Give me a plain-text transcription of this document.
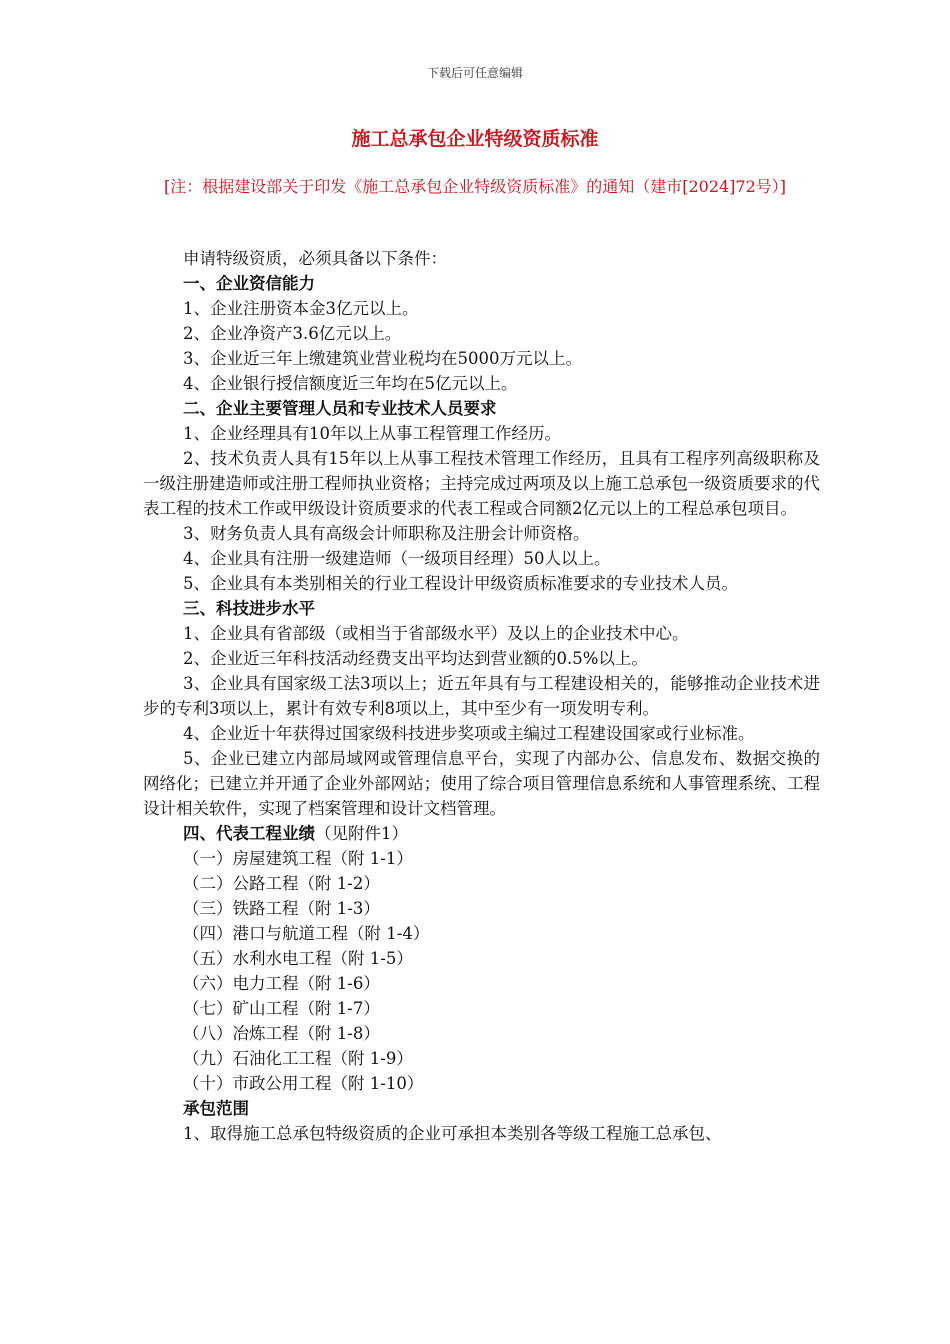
下载后可任意编辑
施工总承包企业特级资质标准
[注：根据建设部关于印发《施工总承包企业特级资质标准》的通知（建市[2024]72号）]

申请特级资质，必须具备以下条件：

一、企业资信能力

1、企业注册资本金3亿元以上。

2、企业净资产3.6亿元以上。

3、企业近三年上缴建筑业营业税均在5000万元以上。

4、企业银行授信额度近三年均在5亿元以上。

二、企业主要管理人员和专业技术人员要求

1、企业经理具有10年以上从事工程管理工作经历。

2、技术负责人具有15年以上从事工程技术管理工作经历，且具有工程序列高级职称及一级注册建造师或注册工程师执业资格；主持完成过两项及以上施工总承包一级资质要求的代表工程的技术工作或甲级设计资质要求的代表工程或合同额2亿元以上的工程总承包项目。

3、财务负责人具有高级会计师职称及注册会计师资格。

4、企业具有注册一级建造师（一级项目经理）50人以上。

5、企业具有本类别相关的行业工程设计甲级资质标准要求的专业技术人员。

三、科技进步水平

1、企业具有省部级（或相当于省部级水平）及以上的企业技术中心。

2、企业近三年科技活动经费支出平均达到营业额的0.5%以上。

3、企业具有国家级工法3项以上；近五年具有与工程建设相关的，能够推动企业技术进步的专利3项以上，累计有效专利8项以上，其中至少有一项发明专利。

4、企业近十年获得过国家级科技进步奖项或主编过工程建设国家或行业标准。

5、企业已建立内部局域网或管理信息平台，实现了内部办公、信息发布、数据交换的网络化；已建立并开通了企业外部网站；使用了综合项目管理信息系统和人事管理系统、工程设计相关软件，实现了档案管理和设计文档管理。

四、代表工程业绩（见附件1）

（一）房屋建筑工程（附 1-1）

（二）公路工程（附 1-2）

（三）铁路工程（附 1-3）

（四）港口与航道工程（附 1-4）

（五）水利水电工程（附 1-5）

（六）电力工程（附 1-6）

（七）矿山工程（附 1-7）

（八）冶炼工程（附 1-8）

（九）石油化工工程（附 1-9）

（十）市政公用工程（附 1-10）

承包范围

1、取得施工总承包特级资质的企业可承担本类别各等级工程施工总承包、
